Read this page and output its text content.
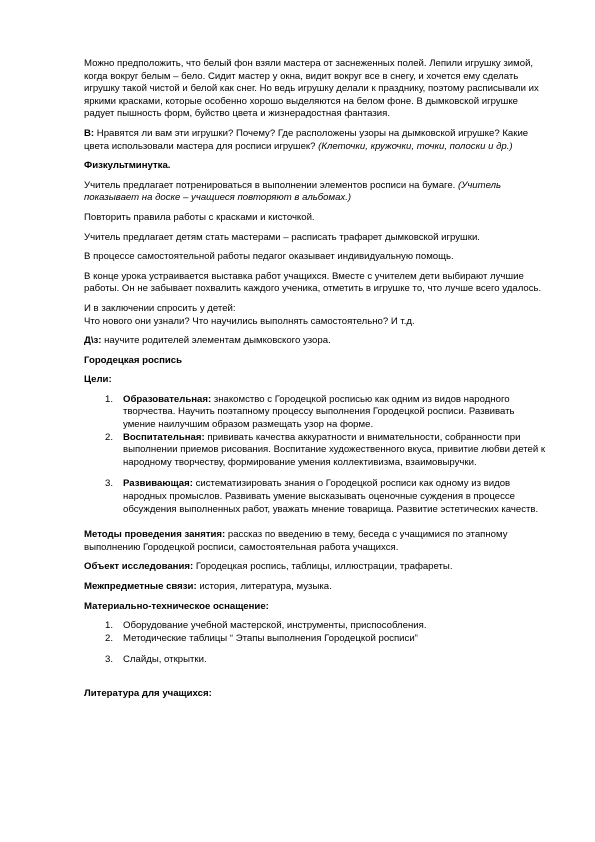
Можно предположить, что белый фон взяли мастера от заснеженных полей. Лепили игрушку зимой, когда вокруг белым – бело. Сидит мастер у окна, видит вокруг все в снегу, и хочется ему сделать игрушку такой чистой и белой как снег. Но ведь игрушку делали к празднику, поэтому расписывали их яркими красками, которые особенно хорошо выделяются на белом фоне. В дымковской игрушке радует пышность форм, буйство цвета и жизнерадостная фантазия.

В: Нравятся ли вам эти игрушки? Почему? Где расположены узоры на дымковской игрушке? Какие цвета использовали мастера для росписи игрушек? (Клеточки, кружочки, точки, полоски и др.)

Физкультминутка.

Учитель предлагает потренироваться в выполнении элементов росписи на бумаге. (Учитель показывает на доске – учащиеся повторяют в альбомах.)

Повторить правила работы с красками и кисточкой.

Учитель предлагает детям стать мастерами – расписать трафарет дымковской игрушки.

В процессе самостоятельной работы педагог оказывает индивидуальную помощь.

В конце урока устраивается выставка работ учащихся. Вместе с учителем дети выбирают лучшие работы. Он не забывает похвалить каждого ученика, отметить в игрушке то, что лучше всего удалось.

И в заключении спросить у детей:
Что нового они узнали? Что научились выполнять самостоятельно? И т.д.

Д\з: научите родителей элементам дымковского узора.

Городецкая роспись
Цели:
1. Образовательная: знакомство с Городецкой росписью как одним из видов народного творчества. Научить поэтапному процессу выполнения Городецкой росписи. Развивать умение наилучшим образом размещать узор на форме.
2. Воспитательная: прививать качества аккуратности и внимательности, собранности при выполнении приемов рисования. Воспитание художественного вкуса, привитие любви детей к народному творчеству, формирование умения коллективизма, взаимовыручки.
3. Развивающая: систематизировать знания о Городецкой росписи как одному из видов народных промыслов. Развивать умение высказывать оценочные суждения в процессе обсуждения выполненных работ, уважать мнение товарища. Развитие эстетических качеств.

Методы проведения занятия: рассказ по введению в тему, беседа с учащимися по этапному выполнению Городецкой росписи, самостоятельная работа учащихся.

Объект исследования: Городецкая роспись, таблицы, иллюстрации, трафареты.

Межпредметные связи: история, литература, музыка.

Материально-техническое оснащение:
1. Оборудование учебной мастерской, инструменты, приспособления.
2. Методические таблицы “ Этапы выполнения Городецкой росписи”
3. Слайды, открытки.
Литература для учащихся:
